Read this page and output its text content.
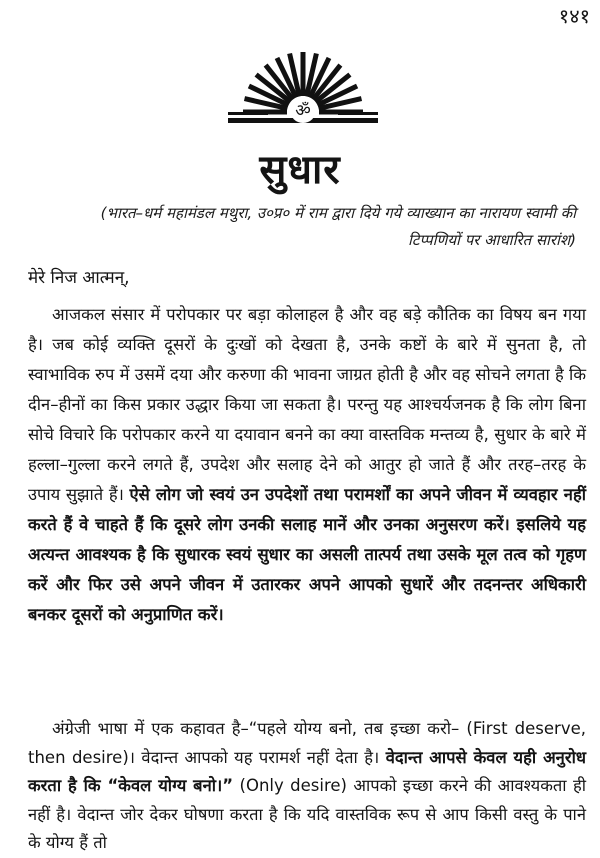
१४१
ॐ
सुधार
(भारत–धर्म महामंडल मथुरा, उ०प्र० में राम द्वारा दिये गये व्याख्यान का नारायण स्वामी की टिप्पणियों पर आधारित सारांश)
मेरे निज आत्मन्,
आजकल संसार में परोपकार पर बड़ा कोलाहल है और वह बड़े कौतिक का विषय बन गया है। जब कोई व्यक्ति दूसरों के दुःखों को देखता है, उनके कष्टों के बारे में सुनता है, तो स्वाभाविक रुप में उसमें दया और करुणा की भावना जाग्रत होती है और वह सोचने लगता है कि दीन–हीनों का किस प्रकार उद्धार किया जा सकता है। परन्तु यह आश्चर्यजनक है कि लोग बिना सोचे विचारे कि परोपकार करने या दयावान बनने का क्या वास्तविक मन्तव्य है, सुधार के बारे में हल्ला–गुल्ला करने लगते हैं, उपदेश और सलाह देने को आतुर हो जाते हैं और तरह–तरह के उपाय सुझाते हैं। ऐसे लोग जो स्वयं उन उपदेशों तथा परामर्शों का अपने जीवन में व्यवहार नहीं करते हैं वे चाहते हैं कि दूसरे लोग उनकी सलाह मानें और उनका अनुसरण करें। इसलिये यह अत्यन्त आवश्यक है कि सुधारक स्वयं सुधार का असली तात्पर्य तथा उसके मूल तत्व को गृहण करें और फिर उसे अपने जीवन में उतारकर अपने आपको सुधारें और तदनन्तर अधिकारी बनकर दूसरों को अनुप्राणित करें।
अंग्रेजी भाषा में एक कहावत है–“पहले योग्य बनो, तब इच्छा करो– (First deserve, then desire)। वेदान्त आपको यह परामर्श नहीं देता है। वेदान्त आपसे केवल यही अनुरोध करता है कि “केवल योग्य बनो।” (Only desire) आपको इच्छा करने की आवश्यकता ही नहीं है। वेदान्त जोर देकर घोषणा करता है कि यदि वास्तविक रूप से आप किसी वस्तु के पाने के योग्य हैं तो
